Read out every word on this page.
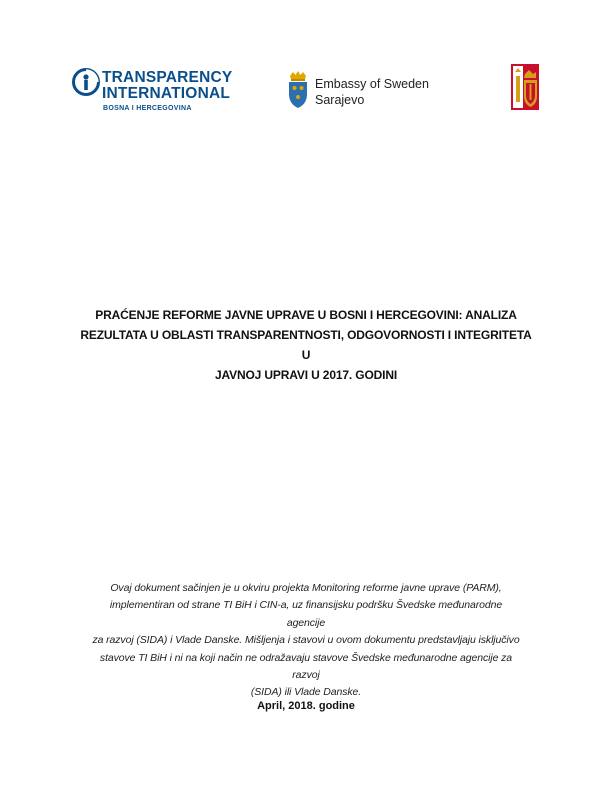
TRANSPARENCY
INTERNATIONAL
BOSNA I HERCEGOVINA
Embassy of Sweden
Sarajevo
PRAĆENJE REFORME JAVNE UPRAVE U BOSNI I HERCEGOVINI: ANALIZA
REZULTATA U OBLASTI TRANSPARENTNOSTI, ODGOVORNOSTI I INTEGRITETA U
JAVNOJ UPRAVI U 2017. GODINI
Ovaj dokument sačinjen je u okviru projekta Monitoring reforme javne uprave (PARM),
implementiran od strane TI BiH i CIN-a, uz finansijsku podršku Švedske međunarodne agencije
za razvoj (SIDA) i Vlade Danske. Mišljenja i stavovi u ovom dokumentu predstavljaju isključivo
stavove TI BiH i ni na koji način ne odražavaju stavove Švedske međunarodne agencije za razvoj
(SIDA) ili Vlade Danske.
April, 2018. godine
